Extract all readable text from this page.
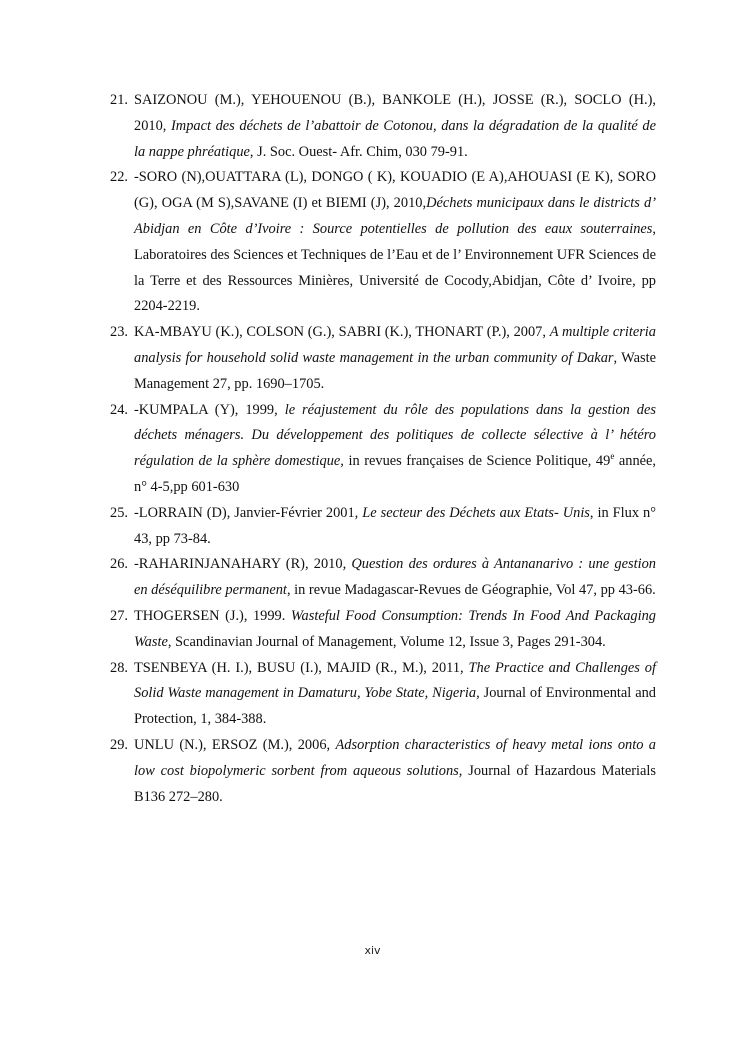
21. SAIZONOU (M.), YEHOUENOU (B.), BANKOLE (H.), JOSSE (R.), SOCLO (H.), 2010, Impact des déchets de l’abattoir de Cotonou, dans la dégradation de la qualité de la nappe phréatique, J. Soc. Ouest- Afr. Chim, 030 79-91.
22. -SORO (N),OUATTARA (L), DONGO ( K), KOUADIO (E A),AHOUASI (E K), SORO (G), OGA (M S),SAVANE (I) et BIEMI (J), 2010,Déchets municipaux dans le districts d’ Abidjan en Côte d’Ivoire : Source potentielles de pollution des eaux souterraines, Laboratoires des Sciences et Techniques de l’Eau et de l’ Environnement UFR Sciences de la Terre et des Ressources Minières, Université de Cocody,Abidjan, Côte d’ Ivoire, pp 2204-2219.
23. KA-MBAYU (K.), COLSON (G.), SABRI (K.), THONART (P.), 2007, A multiple criteria analysis for household solid waste management in the urban community of Dakar, Waste Management 27, pp. 1690–1705.
24. -KUMPALA (Y), 1999, le réajustement du rôle des populations dans la gestion des déchets ménagers. Du développement des politiques de collecte sélective à l’ hétéro régulation de la sphère domestique, in revues françaises de Science Politique, 49e année, n° 4-5,pp 601-630
25. -LORRAIN (D), Janvier-Février 2001, Le secteur des Déchets aux Etats- Unis, in Flux n° 43, pp 73-84.
26. -RAHARINJANAHARY (R), 2010, Question des ordures à Antananarivo : une gestion en déséquilibre permanent, in revue Madagascar-Revues de Géographie, Vol 47, pp 43-66.
27. THOGERSEN (J.), 1999. Wasteful Food Consumption: Trends In Food And Packaging Waste, Scandinavian Journal of Management, Volume 12, Issue 3, Pages 291-304.
28. TSENBEYA (H. I.), BUSU (I.), MAJID (R., M.), 2011, The Practice and Challenges of Solid Waste management in Damaturu, Yobe State, Nigeria, Journal of Environmental and Protection, 1, 384-388.
29. UNLU (N.), ERSOZ (M.), 2006, Adsorption characteristics of heavy metal ions onto a low cost biopolymeric sorbent from aqueous solutions, Journal of Hazardous Materials B136 272–280.
xiv
